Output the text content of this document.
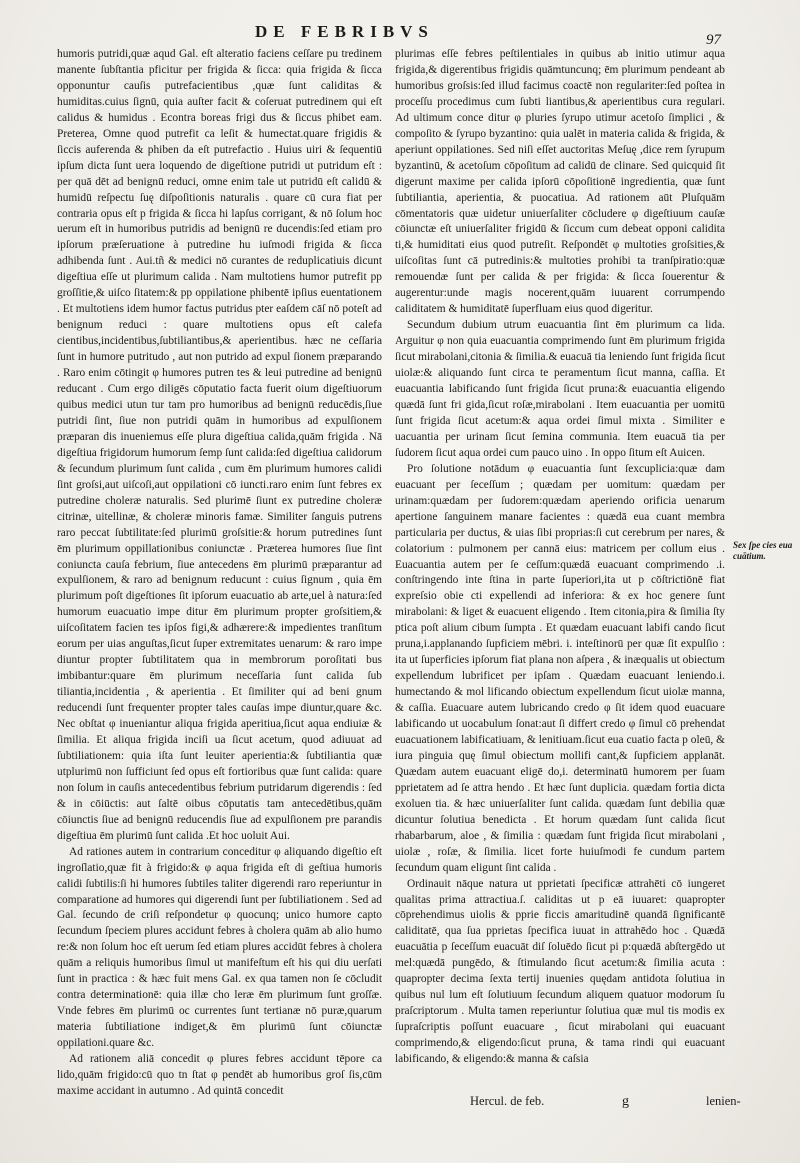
DE FEBRIBVS	97

humoris putridi,quæ aqud Gal. eſt alteratio faciens ceſſare pu tredinem manente ſubſtantia pficitur per frigida & ſicca: quia frigida & ſicca opponuntur cauſis putrefacientibus ,quæ ſunt caliditas & humiditas.cuius ſignū, quia auſter facit & coſeruat putredinem qui eſt calidus & humidus . Econtra boreas frigi dus & ſiccus phibet eam. Preterea, Omne quod putrefit ca leſit & humectat.quare frigidis & ſiccis auferenda & phiben da eſt putrefactio . Huius uiri & ſequentiū ipſum dicta ſunt uera loquendo de digeſtione putridi ut putridum eſt : per quā dēt ad benignū reduci, omne enim tale ut putridū eſt calidū & humidū reſpectu ſuę diſpoſitionis naturalis . quare cū cura fiat per contraria opus eſt p frigida & ſicca hi lapſus corrigant, & nō ſolum hoc uerum eſt in humoribus putridis ad benignū re ducendis:ſed etiam pro ipſorum præſeruatione à putredine hu iuſmodi frigida & ſicca adhibenda ſunt . Aui.tñ & medici nō curantes de reduplicatiuis dicunt digeſtiua eſſe ut plurimum calida . Nam multotiens humor putrefit pp groſſitie,& uiſco ſitatem:& pp oppilatione phibentē ipſius euentationem . Et multotiens idem humor factus putridus pter eaſdem cāſ nō poteſt ad benignum reduci : quare multotiens opus eſt calefa cientibus,incidentibus,ſubtiliantibus,& aperientibus. hæc ne ceſſaria ſunt in humore putritudo , aut non putrido ad expul ſionem præparando . Raro enim cōtingit φ humores putren tes & leui putredine ad benignū reducant . Cum ergo diligēs cōputatio facta fuerit oium digeſtiuorum quibus medici utun tur tam pro humoribus ad benignū reducēdis,ſiue putridi ſint, ſiue non putridi quām in humoribus ad expulſionem præparan dis inueniemus eſſe plura digeſtiua calida,quām frigida . Nā digeſtiua frigidorum humorum ſemp ſunt calida:ſed digeſtiua calidorum & ſecundum plurimum ſunt calida , cum ēm plurimum humores calidi ſint groſsi,aut uiſcoſi,aut oppilationi cō iuncti.raro enim ſunt febres ex putredine choleræ naturalis. Sed plurimē ſiunt ex putredine choleræ citrinæ, uitellinæ, & choleræ minoris famæ. Similiter ſanguis putrens raro peccat ſubtilitate:ſed plurimū groſsitie:& horum putredines ſunt ēm plurimum oppillationibus coniunctæ . Præterea humores ſiue ſint coniuncta cauſa febrium, ſiue antecedens ēm plurimū præparantur ad expulſionem, & raro ad benignum reducunt : cuius ſignum , quia ēm plurimum poſt digeſtiones ſit ipſorum euacuatio ab arte,uel à natura:ſed humorum euacuatio impe ditur ēm plurimum propter groſsitiem,& uiſcoſitatem facien tes ipſos figi,& adhærere:& impedientes tranſitum eorum per uias anguſtas,ſicut ſuper extremitates uenarum: & raro impe diuntur propter ſubtilitatem qua in membrorum poroſitati bus imbibantur:quare ēm plurimum neceſſaria ſunt calida ſub tiliantia,incidentia , & aperientia . Et ſimiliter qui ad beni gnum reducendi ſunt frequenter propter tales cauſas impe diuntur,quare &c. Nec obſtat φ inueniantur aliqua frigida aperitiua,ſicut aqua endiuiæ & ſimilia. Et aliqua frigida inciſi ua ſicut acetum, quod adiuuat ad ſubtiliationem: quia iſta ſunt leuiter aperientia:& ſubtiliantia quæ utplurimū non ſufficiunt ſed opus eſt fortioribus quæ ſunt calida: quare non ſolum in cauſis antecedentibus febrium putridarum digerendis : ſed & in cōiūctis: aut ſaltē oibus cōputatis tam antecedētibus,quām cōiunctis ſiue ad benignū reducendis ſiue ad expulſionem pre parandis digeſtiua ēm plurimū ſunt calida .Et hoc uoluit Aui.

Ad rationes autem in contrarium conceditur φ aliquando digeſtio eſt ingroſlatio,quæ fit à frigido:& φ aqua frigida eſt di geſtiua humoris calidi ſubtilis:ſi hi humores ſubtiles taliter digerendi raro reperiuntur in comparatione ad humores qui digerendi ſunt per ſubtiliationem . Sed ad Gal. ſecundo de criſi reſpondetur φ quocunq; unico humore capto ſecundum ſpeciem plures accidunt febres à cholera quām ab alio humo re:& non ſolum hoc eſt uerum ſed etiam plures accidūt febres à cholera quām a reliquis humoribus ſimul ut manifeſtum eſt his qui diu uerſati ſunt in practica : & hæc fuit mens Gal. ex qua tamen non ſe cōcludit contra determinationē: quia illæ cho leræ ēm plurimum ſunt groſſæ. Vnde febres ēm plurimū oc currentes ſunt tertianæ nō puræ,quarum materia ſubtiliatione indiget,& ēm plurimū ſunt cōiunctæ oppilationi.quare &c.

Ad rationem aliā concedit φ plures febres accidunt tēpore ca lido,quām frigido:cū quo tn ſtat φ pendēt ab humoribus groſ ſis,cūm maxime accidant in autumno . Ad quintā concedit

plurimas eſſe febres peſtilentiales in quibus ab initio utimur aqua frigida,& digerentibus frigidis quāmtuncunq; ēm plurimum pendeant ab humoribus groſsis:ſed illud facimus coactē non regulariter:ſed poſtea in proceſſu procedimus cum ſubti liantibus,& aperientibus cura regulari. Ad ultimum conce ditur φ pluries ſyrupo utimur acetoſo ſimplici , & compoſito & ſyrupo byzantino: quia ualēt in materia calida & frigida, & aperiunt oppilationes. Sed niſi eſſet auctoritas Meſuę ,dice rem ſyrupum byzantinū, & acetoſum cōpoſitum ad calidū de clinare. Sed quicquid ſit digerunt maxime per calida ipſorū cōpoſitionē ingredientia, quæ ſunt ſubtiliantia, aperientia, & puocatiua. Ad rationem aūt Pluſquām cōmentatoris quæ uidetur uniuerſaliter cōcludere φ digeſtiuum cauſæ cōiunctæ eſt uniuerſaliter frigidū & ſiccum cum debeat opponi calidita ti,& humiditati eius quod putreſit. Reſpondēt φ multoties groſsities,& uiſcoſitas ſunt cā putredinis:& multoties prohibi ta tranſpiratio:quæ remouendæ ſunt per calida & per frigida: & ſicca ſouerentur & augerentur:unde magis nocerent,quām iuuarent corrumpendo caliditatem & humiditatē ſuperfluam eius quod digeritur.

Secundum dubium utrum euacuantia ſint ēm plurimum ca lida. Arguitur φ non quia euacuantia comprimendo ſunt ēm plurimum frigida ſicut mirabolani,citonia & ſimilia.& euacuā tia leniendo ſunt frigida ſicut uiolæ:& aliquando ſunt circa te peramentum ſicut manna, caſſia. Et euacuantia labificando ſunt frigida ſicut pruna:& euacuantia eligendo quædā ſunt fri gida,ſicut roſæ,mirabolani . Item euacuantia per uomitū ſunt frigida ſicut acetum:& aqua ordei ſimul mixta . Similiter e uacuantia per urinam ſicut ſemina communia. Item euacuā tia per ſudorem ſicut aqua ordei cum pauco uino . In oppo ſitum eſt Auicen.

Pro ſolutione notādum φ euacuantia ſunt ſexcuplicia:quæ dam euacuant per ſeceſſum ; quædam per uomitum: quædam per urinam:quædam per ſudorem:quædam aperiendo orificia uenarum apertione ſanguinem manare facientes : quædā eua cuant membra particularia per ductus, & uias ſibi proprias:ſi cut cerebrum per nares, & colatorium : pulmonem per cannā eius: matricem per collum eius . Euacuantia autem per ſe ceſſum:quædā euacuant comprimendo .i. conſtringendo inte ſtina in parte ſuperiori,ita ut p cōſtrictiōnē fiat expreſsio obie cti expellendi ad inferiora: & ex hoc genere ſunt mirabolani: & liget & euacuent eligendo . Item citonia,pira & ſimilia ſty ptica poſt alium cibum ſumpta . Et quædam euacuant labifi cando ſicut pruna,i.applanando ſupficiem mēbri. i. inteſtinorū per quæ ſit expulſio : ita ut ſuperficies ipſorum fiat plana non aſpera , & inæqualis ut obiectum expellendum lubrificet per ipſam . Quædam euacuant leniendo.i. humectando & mol lificando obiectum expellendum ſicut uiolæ manna, & caſſia. Euacuare autem lubricando credo φ ſit idem quod euacuare labificando ut uocabulum ſonat:aut ſi differt credo φ ſimul cō prehendat euacuationem labificatiuam, & lenitiuam.ſicut eua cuatio facta p oleū, & iura pinguia quę ſimul obiectum mollifi cant,& ſupficiem applanāt. Quædam autem euacuant eligē do,i. determinatū humorem per ſuam pprietatem ad ſe attra hendo . Et hæc ſunt duplicia. quædam fortia dicta exoluen tia. & hæc uniuerſaliter ſunt calida. quædam ſunt debilia quæ dicuntur ſolutiua benedicta . Et horum quædam ſunt calida ſicut rhabarbarum, aloe , & ſimilia : quædam ſunt frigida ſicut mirabolani , uiolæ , roſæ, & ſimilia. licet forte huiuſmodi fe cundum partem ſecundum quam eligunt ſint calida .

Ordinauit nāque natura ut pprietati ſpecificæ attrahēti cō iungeret qualitas prima attractiua.ſ. caliditas ut p eā iuuaret: quapropter cōprehendimus uiolis & pprie ficcis amaritudinē quandā ſignificantē caliditatē, qua ſua pprietas ſpecifica iuuat in attrahēdo hoc . Quædā euacuātia p ſeceſſum euacuāt diſ ſoluēdo ſicut pi p:quædā abſtergēdo ut mel:quædā pungēdo, & ſtimulando ſicut acetum:& ſimilia acuta : quapropter decima ſexta tertij inuenies quędam antidota ſolutiua in quibus nul lum eſt ſolutiuum ſecundum aliquem quatuor modorum ſu praſcriptorum . Multa tamen reperiuntur ſolutiua quæ mul tis modis ex ſupraſcriptis poſſunt euacuare , ſicut mirabolani qui euacuant comprimendo,& eligendo:ſicut pruna, & tama rindi qui euacuant labificando, & eligendo:& manna & caſsia

Sex ſpe cies eua cuātium.
Hercul. de feb.	g	lenien-
